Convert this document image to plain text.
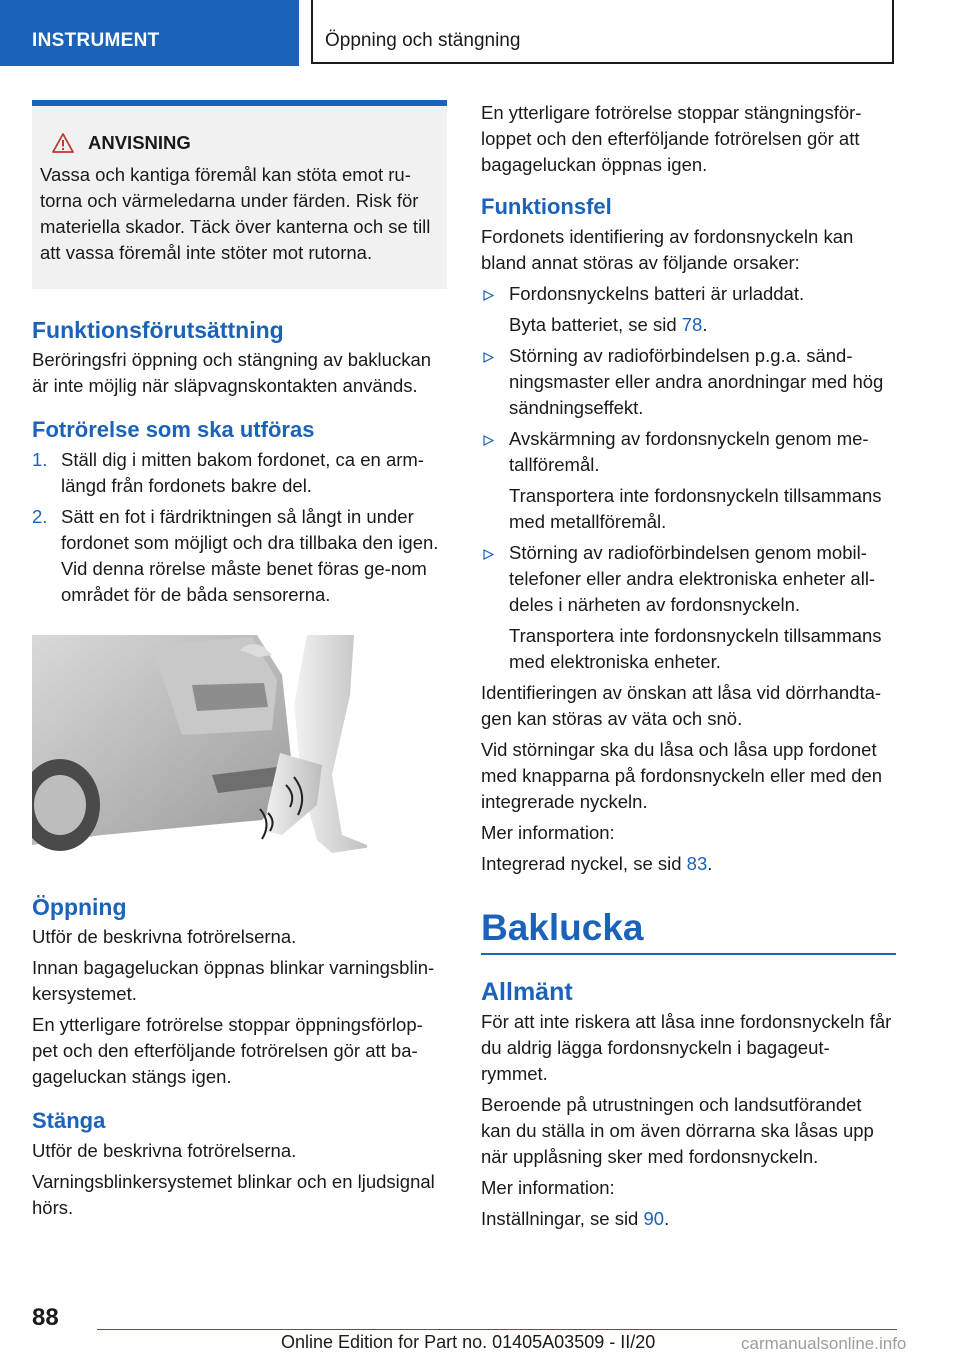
INSTRUMENT	Öppning och stängning
ANVISNING

Vassa och kantiga föremål kan stöta emot ru-torna och värmeledarna under färden. Risk för materiella skador. Täck över kanterna och se till att vassa föremål inte stöter mot rutorna.

Funktionsförutsättning

Beröringsfri öppning och stängning av bakluckan är inte möjlig när släpvagnskontakten används.

Fotrörelse som ska utföras
1. Ställ dig i mitten bakom fordonet, ca en arm-längd från fordonets bakre del.
2. Sätt en fot i färdriktningen så långt in under fordonet som möjligt och dra tillbaka den igen. Vid denna rörelse måste benet föras ge-nom området för de båda sensorerna.
Öppning

Utför de beskrivna fotrörelserna.

Innan bagageluckan öppnas blinkar varningsblin-kersystemet.

En ytterligare fotrörelse stoppar öppningsförlop-pet och den efterföljande fotrörelsen gör att ba-gageluckan stängs igen.

Stänga

Utför de beskrivna fotrörelserna.

Varningsblinkersystemet blinkar och en ljudsignal hörs.

En ytterligare fotrörelse stoppar stängningsför-loppet och den efterföljande fotrörelsen gör att bagageluckan öppnas igen.

Funktionsfel

Fordonets identifiering av fordonsnyckeln kan bland annat störas av följande orsaker:

Fordonsnyckelns batteri är urladdat.

Byta batteriet, se sid 78.

Störning av radioförbindelsen p.g.a. sänd-ningsmaster eller andra anordningar med hög sändningseffekt.
Avskärmning av fordonsnyckeln genom me-tallföremål.

Transportera inte fordonsnyckeln tillsammans med metallföremål.

Störning av radioförbindelsen genom mobil-telefoner eller andra elektroniska enheter all-deles i närheten av fordonsnyckeln.

Transportera inte fordonsnyckeln tillsammans med elektroniska enheter.

Identifieringen av önskan att låsa vid dörrhandta-gen kan störas av väta och snö.

Vid störningar ska du låsa och låsa upp fordonet med knapparna på fordonsnyckeln eller med den integrerade nyckeln.

Mer information:

Integrerad nyckel, se sid 83.

Baklucka
Allmänt

För att inte riskera att låsa inne fordonsnyckeln får du aldrig lägga fordonsnyckeln i bagageut-rymmet.

Beroende på utrustningen och landsutförandet kan du ställa in om även dörrarna ska låsas upp när upplåsning sker med fordonsnyckeln.

Mer information:

Inställningar, se sid 90.

88
Online Edition for Part no. 01405A03509 - II/20	carmanualsonline.info
